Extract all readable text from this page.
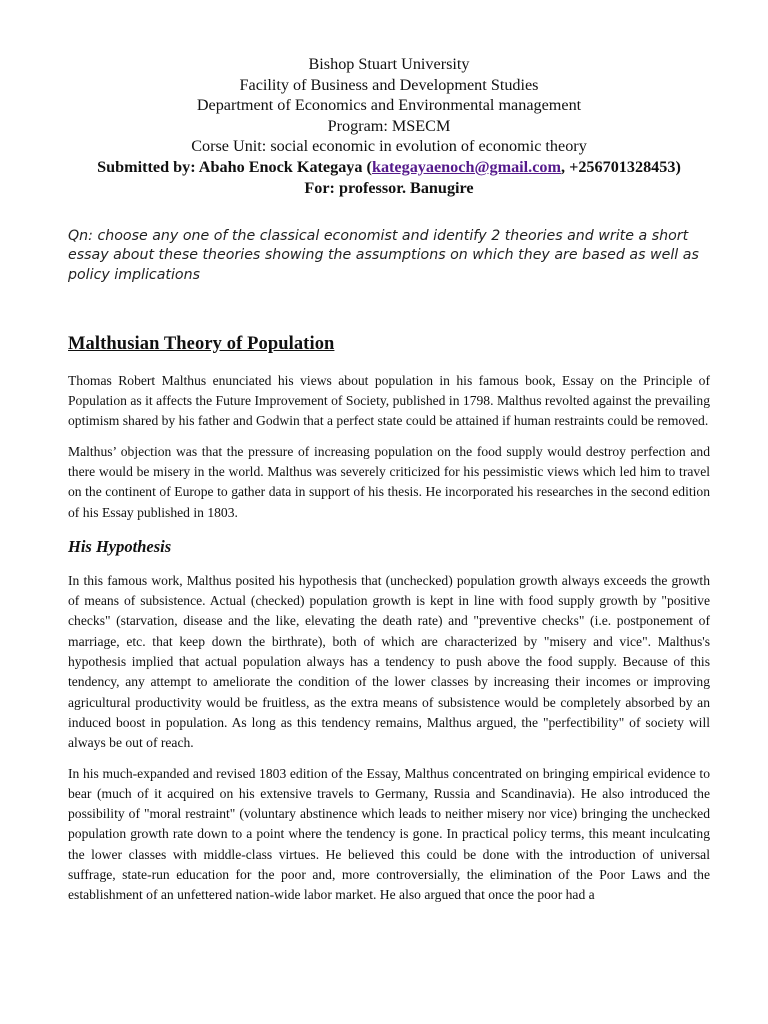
Bishop Stuart University
Facility of Business and Development Studies
Department of Economics and Environmental management
Program: MSECM
Corse Unit: social economic in evolution of economic theory
Submitted by: Abaho Enock Kategaya (kategayaenoch@gmail.com, +256701328453)
For: professor. Banugire
Qn: choose any one of the classical economist and identify 2 theories and write a short essay about these theories showing the assumptions on which they are based as well as policy implications
Malthusian Theory of Population

Thomas Robert Malthus enunciated his views about population in his famous book, Essay on the Principle of Population as it affects the Future Improvement of Society, published in 1798. Malthus revolted against the prevailing optimism shared by his father and Godwin that a perfect state could be attained if human restraints could be removed.

Malthus’ objection was that the pressure of increasing population on the food supply would destroy perfection and there would be misery in the world. Malthus was severely criticized for his pessimistic views which led him to travel on the continent of Europe to gather data in support of his thesis. He incorporated his researches in the second edition of his Essay published in 1803.

His Hypothesis

In this famous work, Malthus posited his hypothesis that (unchecked) population growth always exceeds the growth of means of subsistence. Actual (checked) population growth is kept in line with food supply growth by "positive checks" (starvation, disease and the like, elevating the death rate) and "preventive checks" (i.e. postponement of marriage, etc. that keep down the birthrate), both of which are characterized by "misery and vice". Malthus's hypothesis implied that actual population always has a tendency to push above the food supply. Because of this tendency, any attempt to ameliorate the condition of the lower classes by increasing their incomes or improving agricultural productivity would be fruitless, as the extra means of subsistence would be completely absorbed by an induced boost in population. As long as this tendency remains, Malthus argued, the "perfectibility" of society will always be out of reach.

In his much-expanded and revised 1803 edition of the Essay, Malthus concentrated on bringing empirical evidence to bear (much of it acquired on his extensive travels to Germany, Russia and Scandinavia). He also introduced the possibility of "moral restraint" (voluntary abstinence which leads to neither misery nor vice) bringing the unchecked population growth rate down to a point where the tendency is gone. In practical policy terms, this meant inculcating the lower classes with middle-class virtues. He believed this could be done with the introduction of universal suffrage, state-run education for the poor and, more controversially, the elimination of the Poor Laws and the establishment of an unfettered nation-wide labor market. He also argued that once the poor had a
